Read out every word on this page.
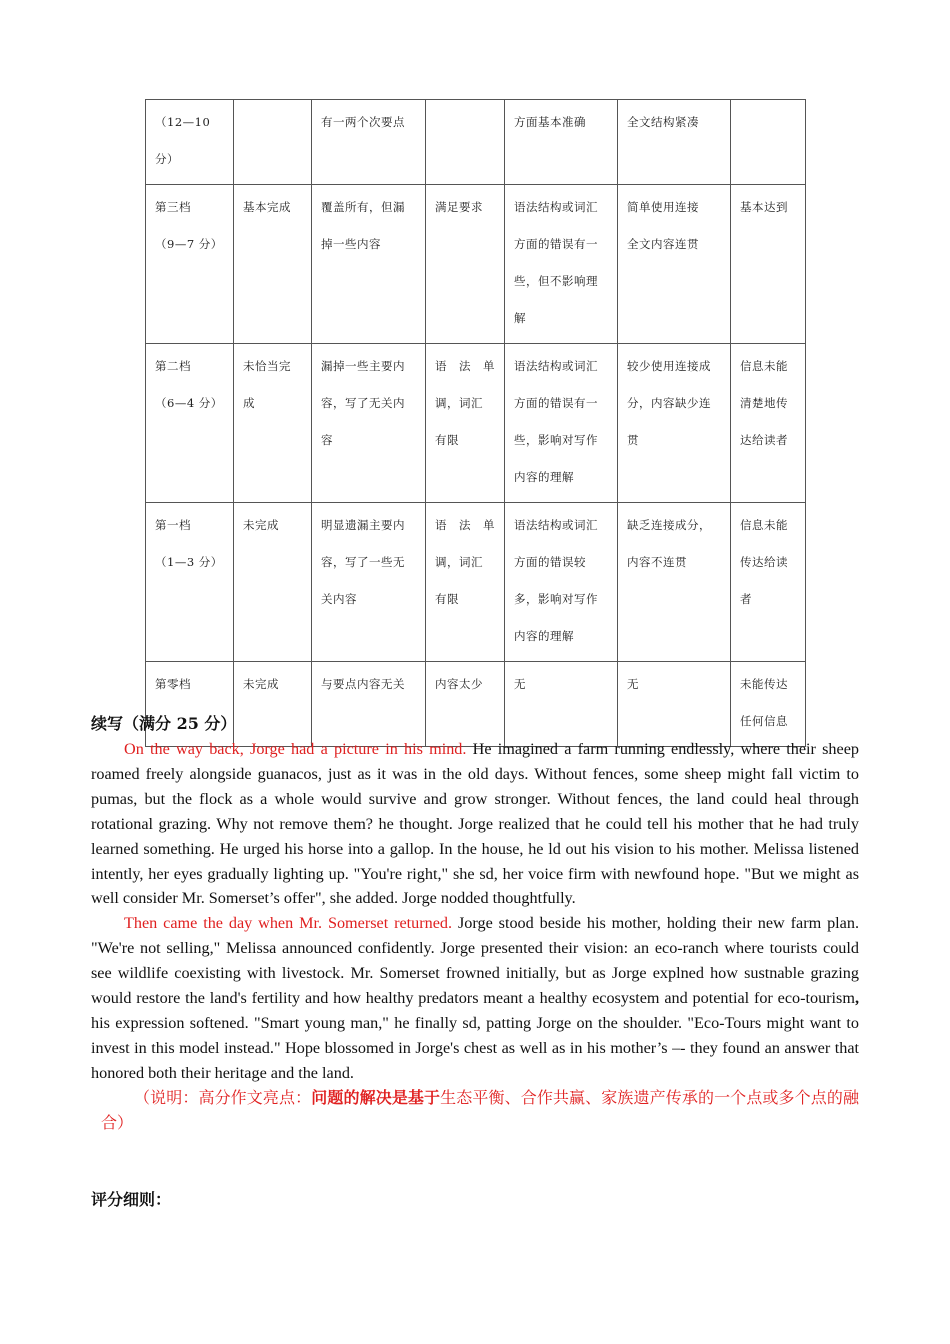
（12—10
分）		有一两个次要点		方面基本准确	全文结构紧凑	

第三档
（9—7 分）	基本完成	覆盖所有，但漏
掉一些内容	满足要求	语法结构或词汇
方面的错误有一
些，但不影响理
解	简单使用连接
全文内容连贯	基本达到

第二档
（6—4 分）	未恰当完
成	漏掉一些主要内
容，写了无关内
容	语　法　单
调，词汇
有限	语法结构或词汇
方面的错误有一
些，影响对写作
内容的理解	较少使用连接成
分，内容缺少连
贯	信息未能
清楚地传
达给读者

第一档
（1—3 分）	未完成	明显遗漏主要内
容，写了一些无
关内容	语　法　单
调，词汇
有限	语法结构或词汇
方面的错误较
多，影响对写作
内容的理解	缺乏连接成分，
内容不连贯	信息未能
传达给读
者

第零档	未完成	与要点内容无关	内容太少	无	无	未能传达
任何信息
续写（满分 25 分）

On the way back, Jorge had a picture in his mind. He imagined a farm running endlessly, where their sheep roamed freely alongside guanacos, just as it was in the old days. Without fences, some sheep might fall victim to pumas, but the flock as a whole would survive and grow stronger. Without fences, the land could heal through rotational grazing. Why not remove them? he thought. Jorge realized that he could tell his mother that he had truly learned something. He urged his horse into a gallop. In the house, he ld out his vision to his mother. Melissa listened intently, her eyes gradually lighting up. "You're right," she sd, her voice firm with newfound hope. "But we might as well consider Mr. Somerset’s offer", she added. Jorge nodded thoughtfully.

Then came the day when Mr. Somerset returned. Jorge stood beside his mother, holding their new farm plan. "We're not selling," Melissa announced confidently. Jorge presented their vision: an eco-ranch where tourists could see wildlife coexisting with livestock. Mr. Somerset frowned initially, but as Jorge explned how sustnable grazing would restore the land's fertility and how healthy predators meant a healthy ecosystem and potential for eco-tourism, his expression softened. "Smart young man," he finally sd, patting Jorge on the shoulder. "Eco-Tours might want to invest in this model instead." Hope blossomed in Jorge's chest as well as in his mother’s –- they found an answer that honored both their heritage and the land.

（说明：高分作文亮点：问题的解决是基于生态平衡、合作共赢、家族遗产传承的一个点或多个点的融合）

评分细则：
